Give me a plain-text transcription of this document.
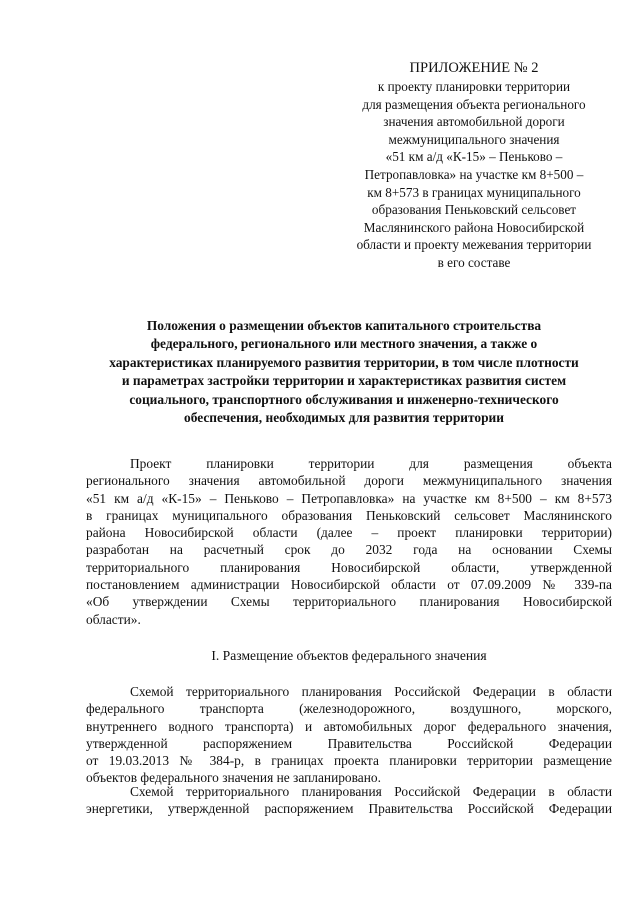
ПРИЛОЖЕНИЕ № 2
к проекту планировки территории
для размещения объекта регионального
значения автомобильной дороги
межмуниципального значения
«51 км а/д «К-15» – Пеньково –
Петропавловка» на участке км 8+500 –
км 8+573 в границах муниципального
образования Пеньковский сельсовет
Маслянинского района Новосибирской
области и проекту межевания территории
в его составе
Положения о размещении объектов капитального строительства
федерального, регионального или местного значения, а также о
характеристиках планируемого развития территории, в том числе плотности
и параметрах застройки территории и характеристиках развития систем
социального, транспортного обслуживания и инженерно-технического
обеспечения, необходимых для развития территории
Проект планировки территории для размещения объекта
регионального значения автомобильной дороги межмуниципального значения
«51 км а/д «К-15» – Пеньково – Петропавловка» на участке км 8+500 – км 8+573
в границах муниципального образования Пеньковский сельсовет Маслянинского
района Новосибирской области (далее – проект планировки территории)
разработан на расчетный срок до 2032 года на основании Схемы
территориального планирования Новосибирской области, утвержденной
постановлением администрации Новосибирской области от 07.09.2009 № 339-па
«Об утверждении Схемы территориального планирования Новосибирской
области».
I. Размещение объектов федерального значения
Схемой территориального планирования Российской Федерации в области
федерального транспорта (железнодорожного, воздушного, морского,
внутреннего водного транспорта) и автомобильных дорог федерального значения,
утвержденной распоряжением Правительства Российской Федерации
от 19.03.2013 № 384-р, в границах проекта планировки территории размещение
объектов федерального значения не запланировано.
Схемой территориального планирования Российской Федерации в области
энергетики, утвержденной распоряжением Правительства Российской Федерации
